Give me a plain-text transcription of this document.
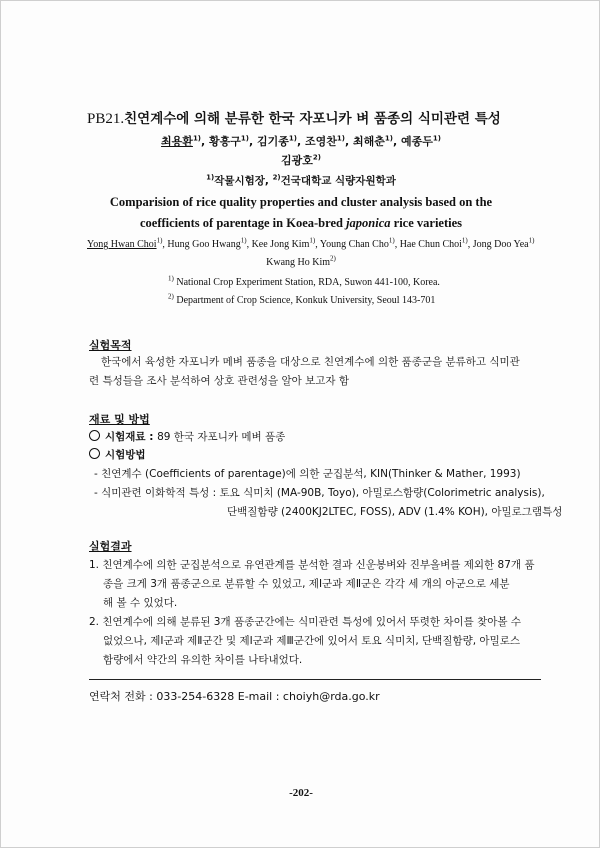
PB21.친연계수에 의해 분류한 한국 자포니카 벼 품종의 식미관련 특성
최용환$^{1)}$, 황흥구$^{1)}$, 김기종$^{1)}$, 조영찬$^{1)}$, 최해춘$^{1)}$, 예종두$^{1)}$
김광호$^{2)}$
$^{1)}$작물시험장, $^{2)}$건국대학교 식량자원학과
Comparision of rice quality properties and cluster analysis based on the
coefficients of parentage in Koea-bred japonica rice varieties
Yong Hwan Choi$^{1)}$, Hung Goo Hwang$^{1)}$, Kee Jong Kim$^{1)}$, Young Chan Cho$^{1)}$, Hae Chun Choi$^{1)}$, Jong Doo Yea$^{1)}$
Kwang Ho Kim$^{2)}$
$^{1)}$ National Crop Experiment Station, RDA, Suwon 441-100, Korea.
$^{2)}$ Department of Crop Science, Konkuk University, Seoul 143-701
실험목적
한국에서 육성한 자포니카 메벼 품종을 대상으로 친연계수에 의한 품종군을 분류하고 식미관
련 특성들을 조사 분석하여 상호 관련성을 알아 보고자 함
재료 및 방법
시험재료 : 89 한국 자포니카 메벼 품종
시험방법
- 친연계수 (Coefficients of parentage)에 의한 군집분석, KIN(Thinker & Mather, 1993)
- 식미관련 이화학적 특성 : 토요 식미치 (MA-90B, Toyo), 아밀로스함량(Colorimetric analysis),
단백질함량 (2400KJ2LTEC, FOSS), ADV (1.4% KOH), 아밀로그램특성
실험결과
1. 친연계수에 의한 군집분석으로 유연관계를 분석한 결과 신운봉벼와 진부올벼를 제외한 87개 품
종을 크게 3개 품종군으로 분류할 수 있었고, 제Ⅰ군과 제Ⅱ군은 각각 세 개의 아군으로 세분
해 볼 수 있었다.
2. 친연계수에 의해 분류된 3개 품종군간에는 식미관련 특성에 있어서 뚜렷한 차이를 찾아볼 수
없었으나, 제Ⅰ군과 제Ⅱ군간 및 제Ⅰ군과 제Ⅲ군간에 있어서 토요 식미치, 단백질함량, 아밀로스
함량에서 약간의 유의한 차이를 나타내었다.
연락처 전화 : 033-254-6328 E-mail : choiyh@rda.go.kr
-202-
